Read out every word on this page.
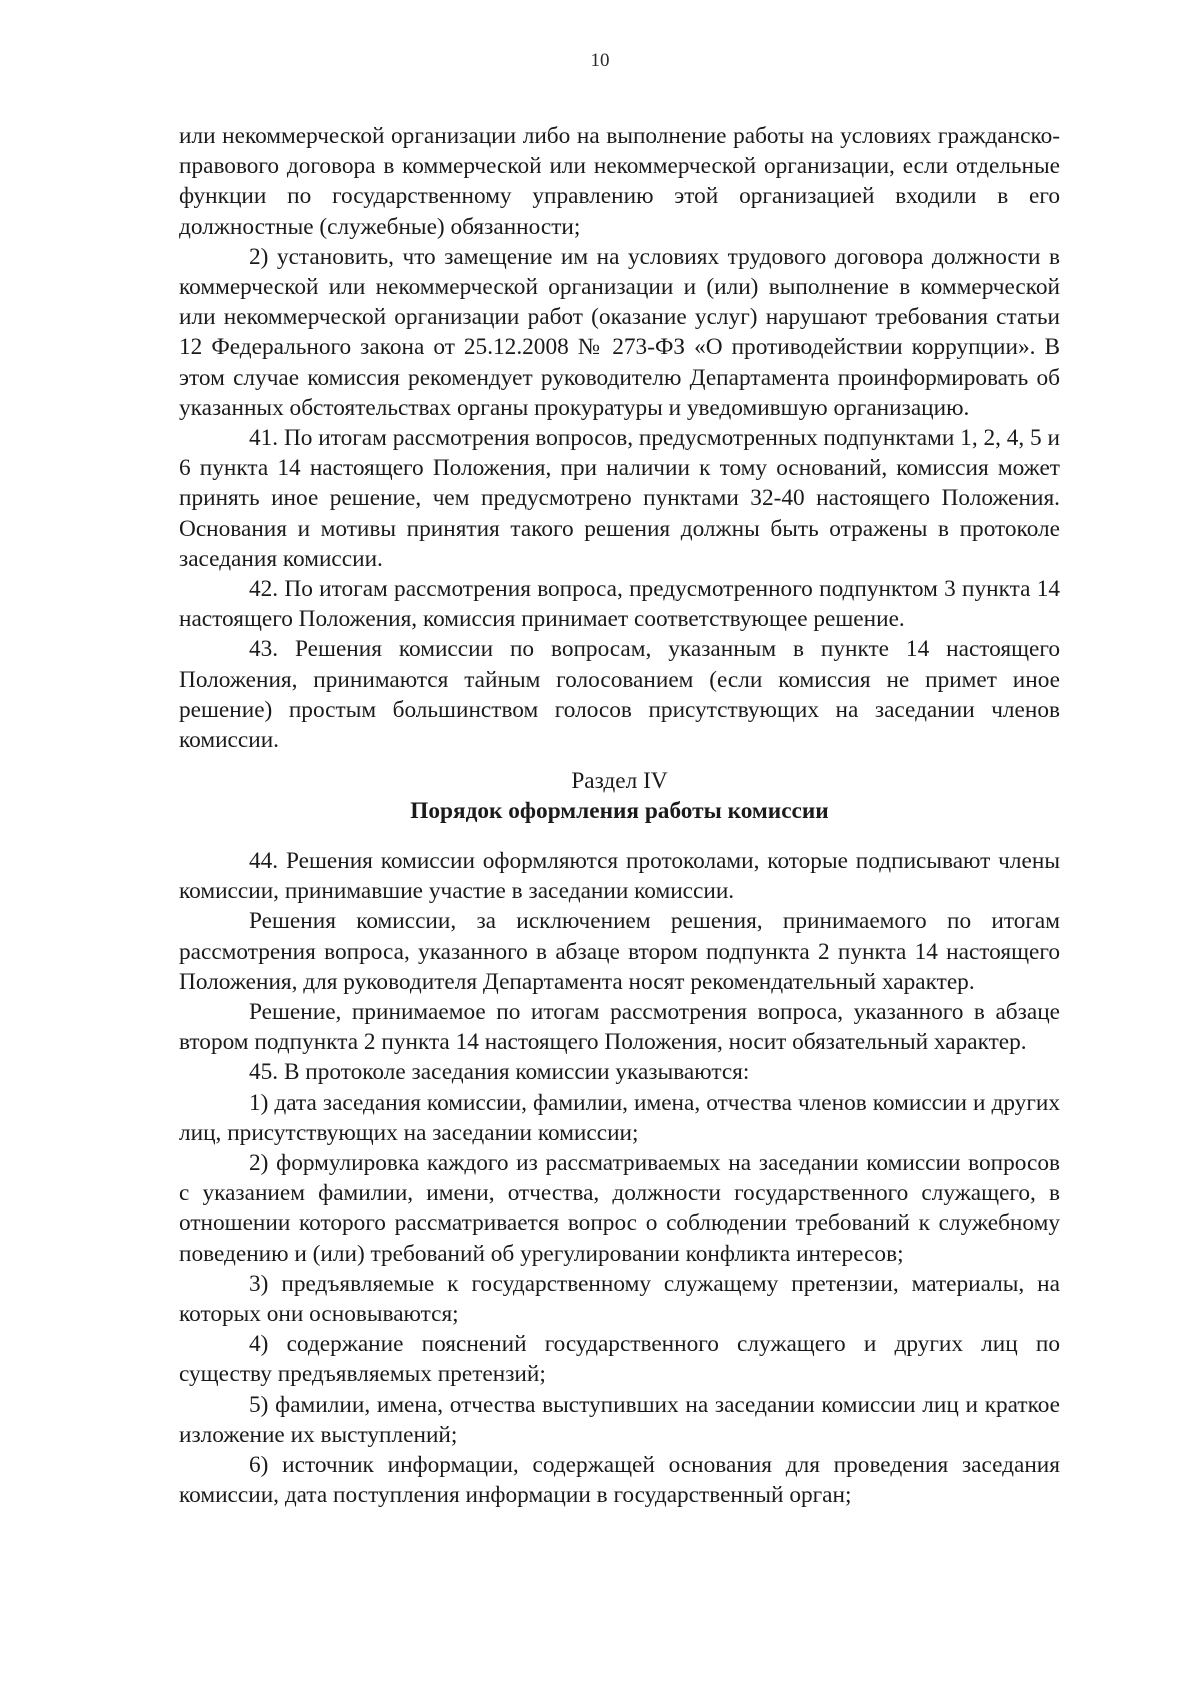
10

или некоммерческой организации либо на выполнение работы на условиях гражданско-правового договора в коммерческой или некоммерческой организации, если отдельные функции по государственному управлению этой организацией входили в его должностные (служебные) обязанности;

2) установить, что замещение им на условиях трудового договора должности в коммерческой или некоммерческой организации и (или) выполнение в коммерческой или некоммерческой организации работ (оказание услуг) нарушают требования статьи 12 Федерального закона от 25.12.2008 № 273-ФЗ «О противодействии коррупции». В этом случае комиссия рекомендует руководителю Департамента проинформировать об указанных обстоятельствах органы прокуратуры и уведомившую организацию.

41. По итогам рассмотрения вопросов, предусмотренных подпунктами 1, 2, 4, 5 и 6 пункта 14 настоящего Положения, при наличии к тому оснований, комиссия может принять иное решение, чем предусмотрено пунктами 32-40 настоящего Положения. Основания и мотивы принятия такого решения должны быть отражены в протоколе заседания комиссии.

42. По итогам рассмотрения вопроса, предусмотренного подпунктом 3 пункта 14 настоящего Положения, комиссия принимает соответствующее решение.

43. Решения комиссии по вопросам, указанным в пункте 14 настоящего Положения, принимаются тайным голосованием (если комиссия не примет иное решение) простым большинством голосов присутствующих на заседании членов комиссии.

Раздел IV
Порядок оформления работы комиссии

44. Решения комиссии оформляются протоколами, которые подписывают члены комиссии, принимавшие участие в заседании комиссии.

Решения комиссии, за исключением решения, принимаемого по итогам рассмотрения вопроса, указанного в абзаце втором подпункта 2 пункта 14 настоящего Положения, для руководителя Департамента носят рекомендательный характер.

Решение, принимаемое по итогам рассмотрения вопроса, указанного в абзаце втором подпункта 2 пункта 14 настоящего Положения, носит обязательный характер.

45. В протоколе заседания комиссии указываются:

1) дата заседания комиссии, фамилии, имена, отчества членов комиссии и других лиц, присутствующих на заседании комиссии;

2) формулировка каждого из рассматриваемых на заседании комиссии вопросов с указанием фамилии, имени, отчества, должности государственного служащего, в отношении которого рассматривается вопрос о соблюдении требований к служебному поведению и (или) требований об урегулировании конфликта интересов;

3) предъявляемые к государственному служащему претензии, материалы, на которых они основываются;

4) содержание пояснений государственного служащего и других лиц по существу предъявляемых претензий;

5) фамилии, имена, отчества выступивших на заседании комиссии лиц и краткое изложение их выступлений;

6) источник информации, содержащей основания для проведения заседания комиссии, дата поступления информации в государственный орган;
